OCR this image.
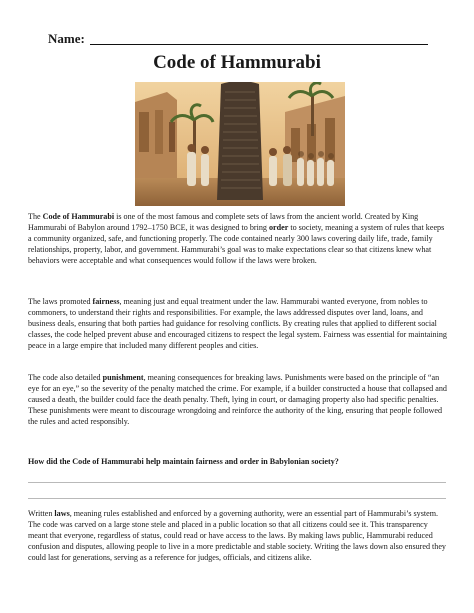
Name:
Code of Hammurabi

The Code of Hammurabi is one of the most famous and complete sets of laws from the ancient world. Created by King Hammurabi of Babylon around 1792–1750 BCE, it was designed to bring order to society, meaning a system of rules that keeps a community organized, safe, and functioning properly. The code contained nearly 300 laws covering daily life, trade, family relationships, property, labor, and government. Hammurabi’s goal was to make expectations clear so that citizens knew what behaviors were acceptable and what consequences would follow if the laws were broken.

The laws promoted fairness, meaning just and equal treatment under the law. Hammurabi wanted everyone, from nobles to commoners, to understand their rights and responsibilities. For example, the laws addressed disputes over land, loans, and business deals, ensuring that both parties had guidance for resolving conflicts. By creating rules that applied to different social classes, the code helped prevent abuse and encouraged citizens to respect the legal system. Fairness was essential for maintaining peace in a large empire that included many different peoples and cities.

The code also detailed punishment, meaning consequences for breaking laws. Punishments were based on the principle of “an eye for an eye,” so the severity of the penalty matched the crime. For example, if a builder constructed a house that collapsed and caused a death, the builder could face the death penalty. Theft, lying in court, or damaging property also had specific penalties. These punishments were meant to discourage wrongdoing and reinforce the authority of the king, ensuring that people followed the rules and acted responsibly.

How did the Code of Hammurabi help maintain fairness and order in Babylonian society?

Written laws, meaning rules established and enforced by a governing authority, were an essential part of Hammurabi’s system. The code was carved on a large stone stele and placed in a public location so that all citizens could see it. This transparency meant that everyone, regardless of status, could read or have access to the laws. By making laws public, Hammurabi reduced confusion and disputes, allowing people to live in a more predictable and stable society. Writing the laws down also ensured they could last for generations, serving as a reference for judges, officials, and citizens alike.
